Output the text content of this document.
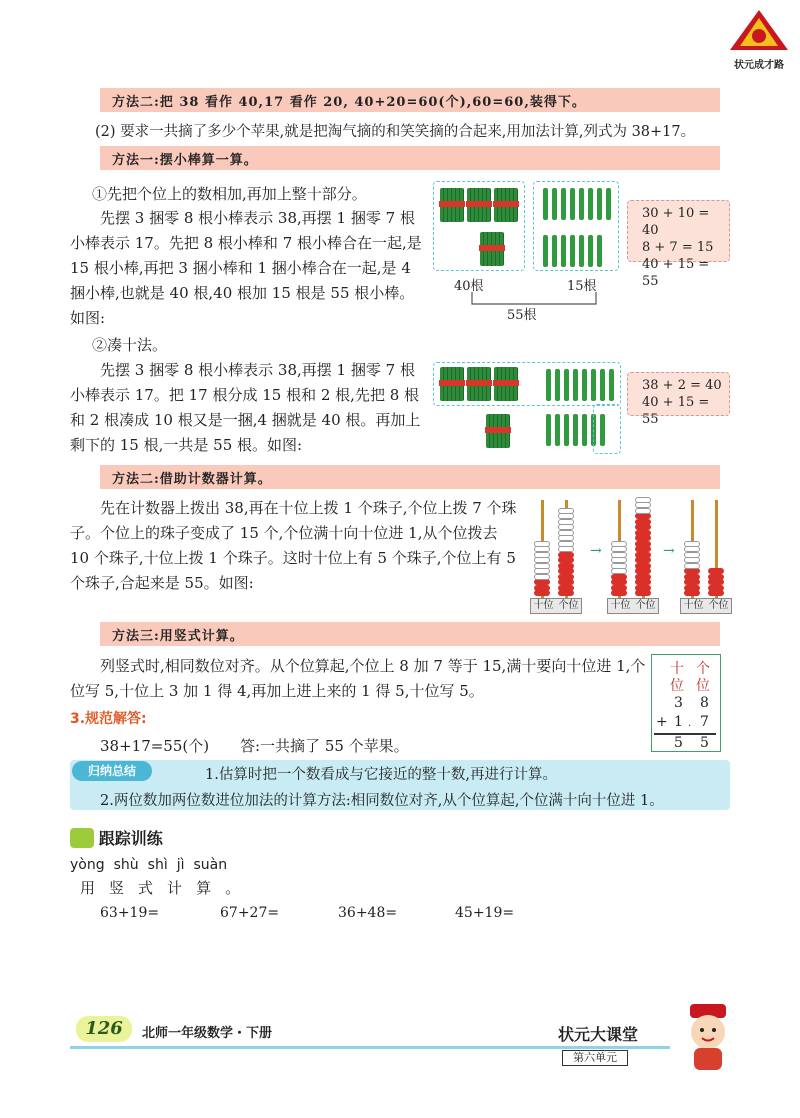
状元成才路
方法二:把 38 看作 40,17 看作 20, 40+20=60(个),60=60,装得下。
(2) 要求一共摘了多少个苹果,就是把淘气摘的和笑笑摘的合起来,用加法计算,列式为 38+17。
方法一:摆小棒算一算。
①先把个位上的数相加,再加上整十部分。
先摆 3 捆零 8 根小棒表示 38,再摆 1 捆零 7 根小棒表示 17。先把 8 根小棒和 7 根小棒合在一起,是 15 根小棒,再把 3 捆小棒和 1 捆小棒合在一起,是 4 捆小棒,也就是 40 根,40 根加 15 根是 55 根小棒。如图:
30 + 10 = 40
8 + 7 = 15
40 + 15 = 55
40根	15根
55根
②凑十法。
先摆 3 捆零 8 根小棒表示 38,再摆 1 捆零 7 根小棒表示 17。把 17 根分成 15 根和 2 根,先把 8 根和 2 根凑成 10 根又是一捆,4 捆就是 40 根。再加上剩下的 15 根,一共是 55 根。如图:
38 + 2 = 40
40 + 15 = 55
方法二:借助计数器计算。
先在计数器上拨出 38,再在十位上拨 1 个珠子,个位上拨 7 个珠子。个位上的珠子变成了 15 个,个位满十向十位进 1,从个位拨去 10 个珠子,十位上拨 1 个珠子。这时十位上有 5 个珠子,个位上有 5 个珠子,合起来是 55。如图:
十位 个位	十位 个位	十位 个位
→	→
方法三:用竖式计算。
列竖式时,相同数位对齐。从个位算起,个位上 8 加 7 等于 15,满十要向十位进 1,个位写 5,十位上 3 加 1 得 4,再加上进上来的 1 得 5,十位写 5。
十 个
位 位
3 8
+ 1 . 7
5 5
3.规范解答:
38+17=55(个) 答:一共摘了 55 个苹果。
归纳总结	1.估算时把一个数看成与它接近的整十数,再进行计算。
2.两位数加两位数进位加法的计算方法:相同数位对齐,从个位算起,个位满十向十位进 1。
跟踪训练
yòng shù shì jì suàn
用 竖 式 计 算 。
63+19=	67+27=	36+48=	45+19=
126	北师一年级数学・下册	状元大课堂
第六单元
